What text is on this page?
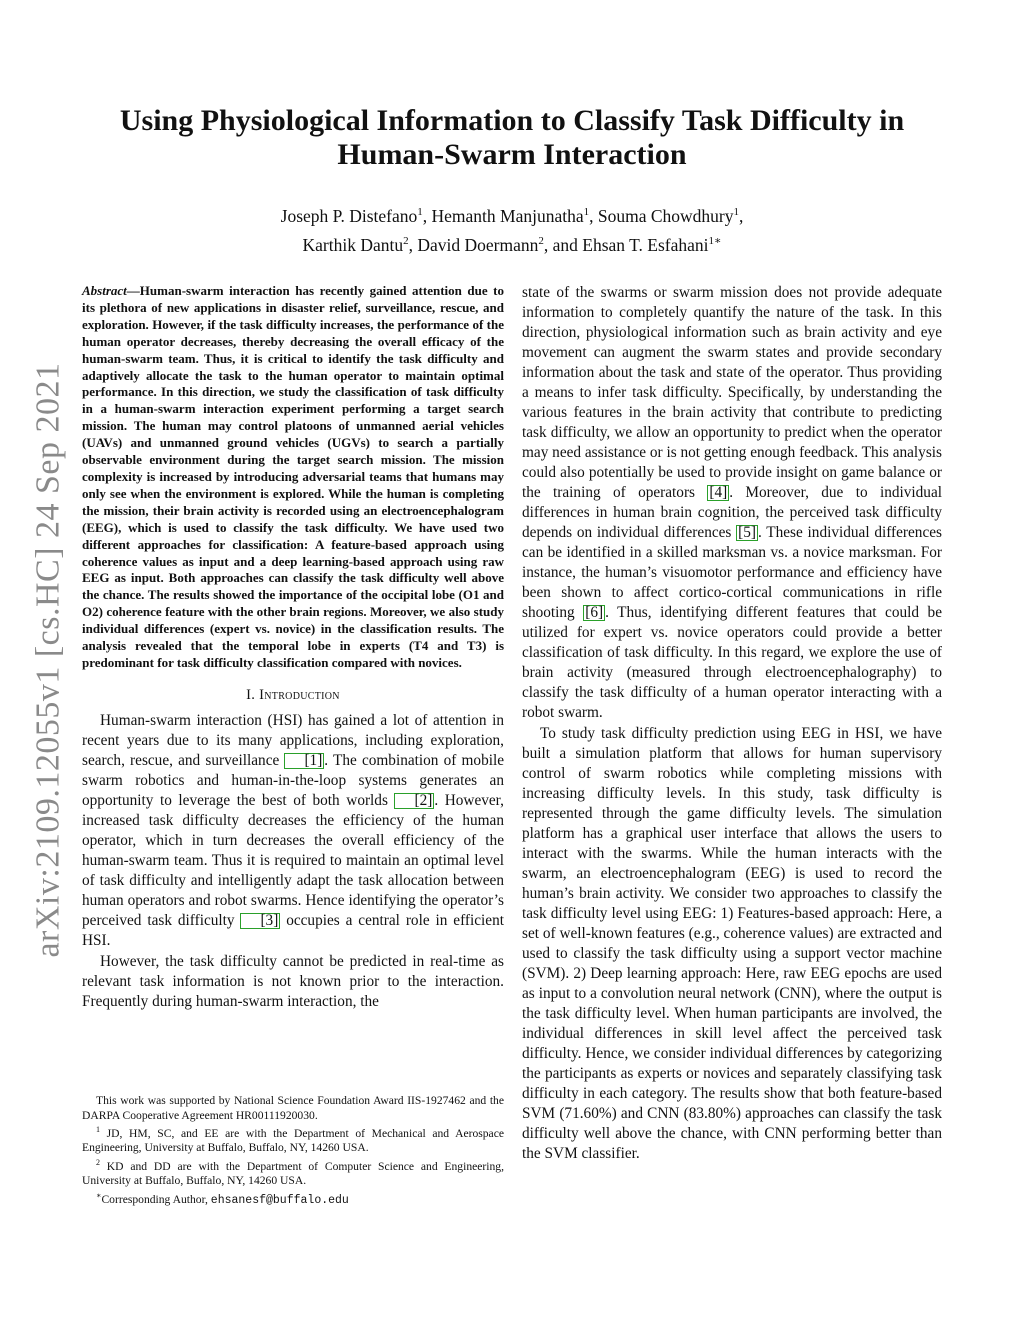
arXiv:2109.12055v1 [cs.HC] 24 Sep 2021
Using Physiological Information to Classify Task Difficulty in
Human-Swarm Interaction
Joseph P. Distefano$^1$, Hemanth Manjunatha$^1$, Souma Chowdhury$^1$,
Karthik Dantu$^2$, David Doermann$^2$, and Ehsan T. Esfahani$^{1∗}$

Abstract—Human-swarm interaction has recently gained attention due to its plethora of new applications in disaster relief, surveillance, rescue, and exploration. However, if the task difficulty increases, the performance of the human operator decreases, thereby decreasing the overall efficacy of the human-swarm team. Thus, it is critical to identify the task difficulty and adaptively allocate the task to the human operator to maintain optimal performance. In this direction, we study the classification of task difficulty in a human-swarm interaction experiment performing a target search mission. The human may control platoons of unmanned aerial vehicles (UAVs) and unmanned ground vehicles (UGVs) to search a partially observable environment during the target search mission. The mission complexity is increased by introducing adversarial teams that humans may only see when the environment is explored. While the human is completing the mission, their brain activity is recorded using an electroencephalogram (EEG), which is used to classify the task difficulty. We have used two different approaches for classification: A feature-based approach using coherence values as input and a deep learning-based approach using raw EEG as input. Both approaches can classify the task difficulty well above the chance. The results showed the importance of the occipital lobe (O1 and O2) coherence feature with the other brain regions. Moreover, we also study individual differences (expert vs. novice) in the classification results. The analysis revealed that the temporal lobe in experts (T4 and T3) is predominant for task difficulty classification compared with novices.

I. Introduction

Human-swarm interaction (HSI) has gained a lot of attention in recent years due to its many applications, including exploration, search, rescue, and surveillance [1] . The combination of mobile swarm robotics and human-in-the-loop systems generates an opportunity to leverage the best of both worlds [2] . However, increased task difficulty decreases the efficiency of the human operator, which in turn decreases the overall efficiency of the human-swarm team. Thus it is required to maintain an optimal level of task difficulty and intelligently adapt the task allocation between human operators and robot swarms. Hence identifying the operator’s perceived task difficulty [3] occupies a central role in efficient HSI.

However, the task difficulty cannot be predicted in real-time as relevant task information is not known prior to the interaction. Frequently during human-swarm interaction, the

state of the swarms or swarm mission does not provide adequate information to completely quantify the nature of the task. In this direction, physiological information such as brain activity and eye movement can augment the swarm states and provide secondary information about the task and state of the operator. Thus providing a means to infer task difficulty. Specifically, by understanding the various features in the brain activity that contribute to predicting task difficulty, we allow an opportunity to predict when the operator may need assistance or is not getting enough feedback. This analysis could also potentially be used to provide insight on game balance or the training of operators [4] . Moreover, due to individual differences in human brain cognition, the perceived task difficulty depends on individual differences [5] . These individual differences can be identified in a skilled marksman vs. a novice marksman. For instance, the human’s visuomotor performance and efficiency have been shown to affect cortico-cortical communications in rifle shooting [6] . Thus, identifying different features that could be utilized for expert vs. novice operators could provide a better classification of task difficulty. In this regard, we explore the use of brain activity (measured through electroencephalography) to classify the task difficulty of a human operator interacting with a robot swarm.

To study task difficulty prediction using EEG in HSI, we have built a simulation platform that allows for human supervisory control of swarm robotics while completing missions with increasing difficulty levels. In this study, task difficulty is represented through the game difficulty levels. The simulation platform has a graphical user interface that allows the users to interact with the swarms. While the human interacts with the swarm, an electroencephalogram (EEG) is used to record the human’s brain activity. We consider two approaches to classify the task difficulty level using EEG: 1) Features-based approach: Here, a set of well-known features (e.g., coherence values) are extracted and used to classify the task difficulty using a support vector machine (SVM). 2) Deep learning approach: Here, raw EEG epochs are used as input to a convolution neural network (CNN), where the output is the task difficulty level. When human participants are involved, the individual differences in skill level affect the perceived task difficulty. Hence, we consider individual differences by categorizing the participants as experts or novices and separately classifying task difficulty in each category. The results show that both feature-based SVM (71.60%) and CNN (83.80%) approaches can classify the task difficulty well above the chance, with CNN performing better than the SVM classifier.

This work was supported by National Science Foundation Award IIS-1927462 and the DARPA Cooperative Agreement HR00111920030.

$^1$ JD, HM, SC, and EE are with the Department of Mechanical and Aerospace Engineering, University at Buffalo, Buffalo, NY, 14260 USA.

$^2$ KD and DD are with the Department of Computer Science and Engineering, University at Buffalo, Buffalo, NY, 14260 USA.

∗Corresponding Author, ehsanesf@buffalo.edu
